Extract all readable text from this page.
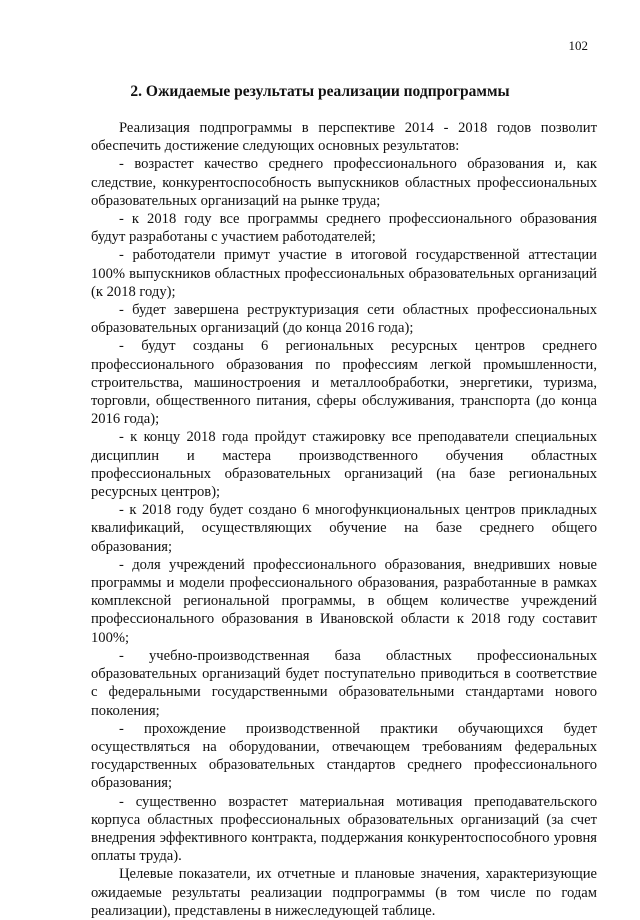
102
2. Ожидаемые результаты реализации подпрограммы

Реализация подпрограммы в перспективе 2014 - 2018 годов позволит обеспечить достижение следующих основных результатов:

- возрастет качество среднего профессионального образования и, как следствие, конкурентоспособность выпускников областных профессиональных образовательных организаций на рынке труда;

- к 2018 году все программы среднего профессионального образования будут разработаны с участием работодателей;

- работодатели примут участие в итоговой государственной аттестации 100% выпускников областных профессиональных образовательных организаций (к 2018 году);

- будет завершена реструктуризация сети областных профессиональных образовательных организаций (до конца 2016 года);

- будут созданы 6 региональных ресурсных центров среднего профессионального образования по профессиям легкой промышленности, строительства, машиностроения и металлообработки, энергетики, туризма, торговли, общественного питания, сферы обслуживания, транспорта (до конца 2016 года);

- к концу 2018 года пройдут стажировку все преподаватели специальных дисциплин и мастера производственного обучения областных профессиональных образовательных организаций (на базе региональных ресурсных центров);

- к 2018 году будет создано 6 многофункциональных центров прикладных квалификаций, осуществляющих обучение на базе среднего общего образования;

- доля учреждений профессионального образования, внедривших новые программы и модели профессионального образования, разработанные в рамках комплексной региональной программы, в общем количестве учреждений профессионального образования в Ивановской области к 2018 году составит 100%;

- учебно-производственная база областных профессиональных образовательных организаций будет поступательно приводиться в соответствие с федеральными государственными образовательными стандартами нового поколения;

- прохождение производственной практики обучающихся будет осуществляться на оборудовании, отвечающем требованиям федеральных государственных образовательных стандартов среднего профессионального образования;

- существенно возрастет материальная мотивация преподавательского корпуса областных профессиональных образовательных организаций (за счет внедрения эффективного контракта, поддержания конкурентоспособного уровня оплаты труда).

Целевые показатели, их отчетные и плановые значения, характеризующие ожидаемые результаты реализации подпрограммы (в том числе по годам реализации), представлены в нижеследующей таблице.
